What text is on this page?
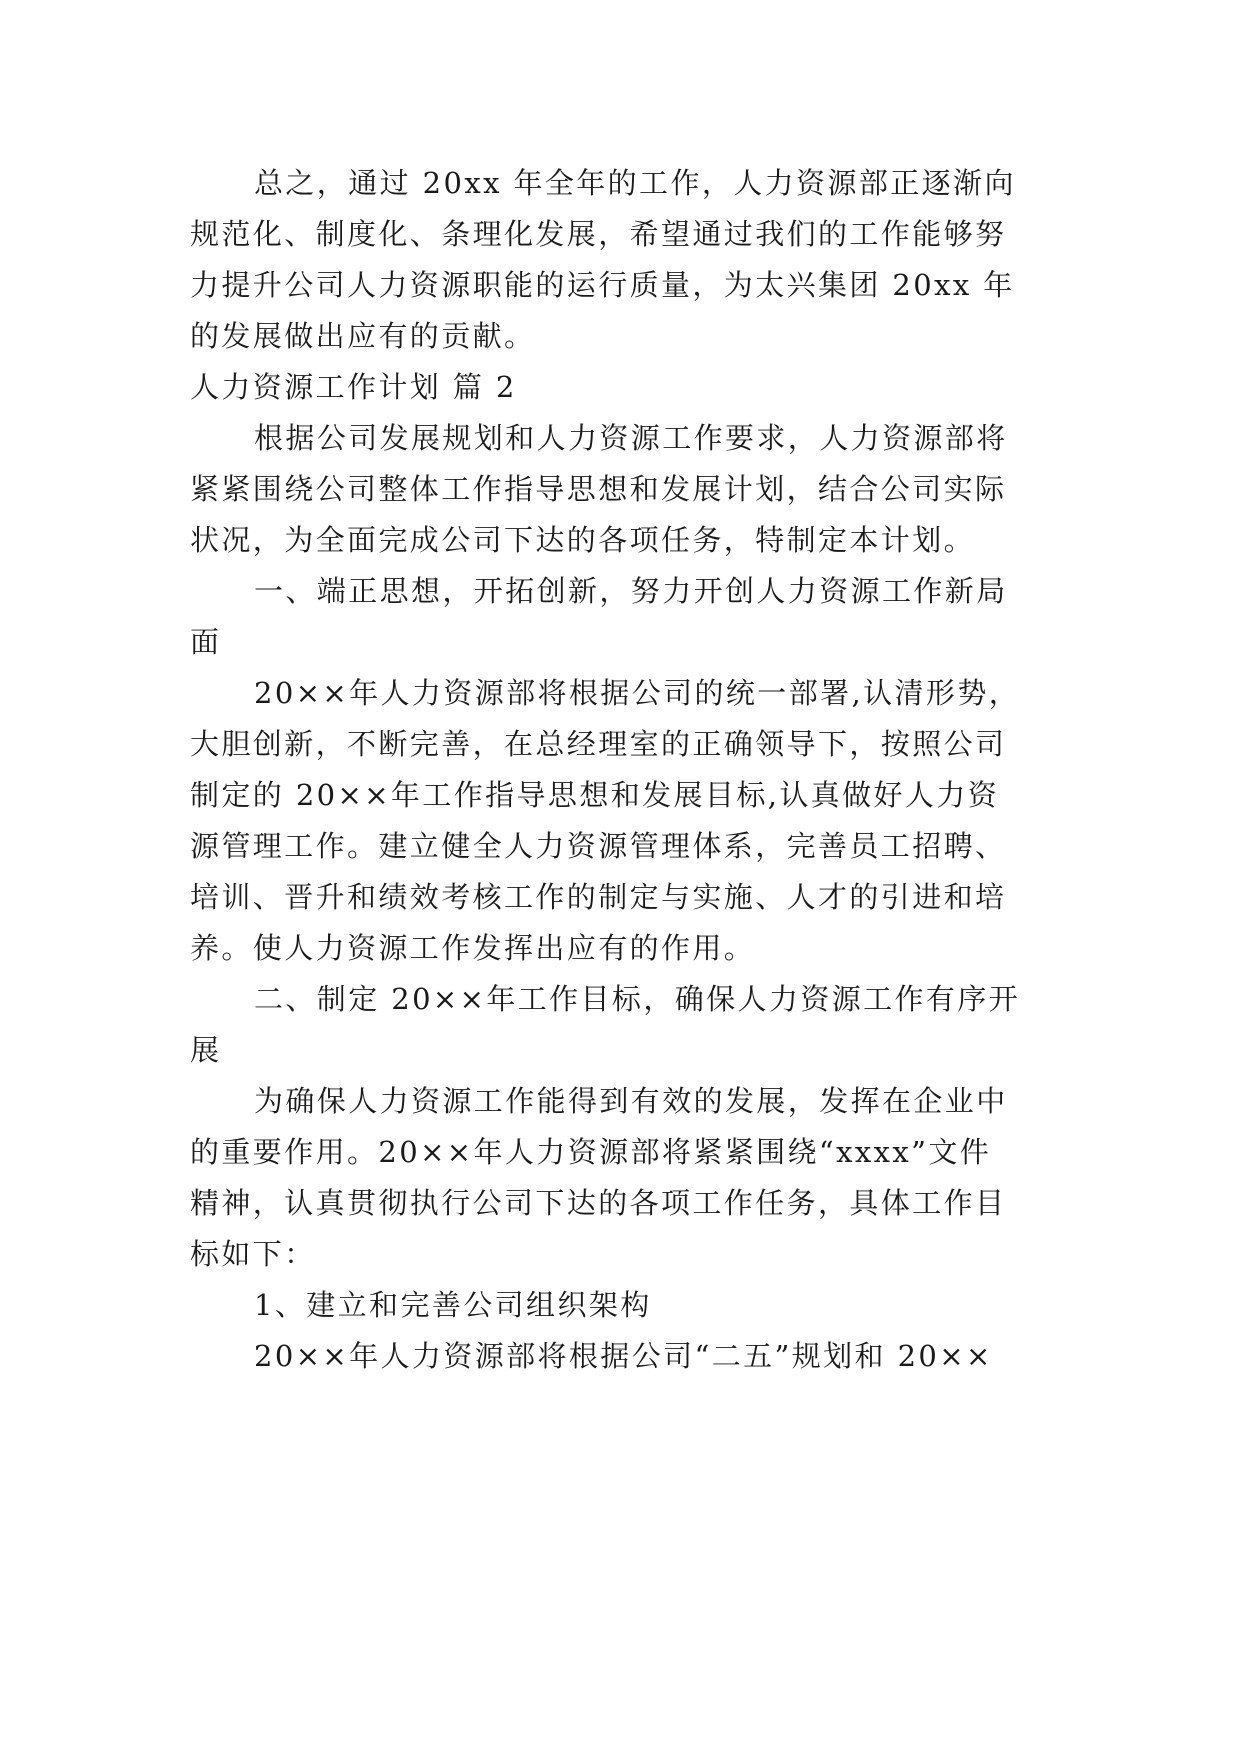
总之，通过 20xx 年全年的工作，人力资源部正逐渐向
规范化、制度化、条理化发展，希望通过我们的工作能够努
力提升公司人力资源职能的运行质量，为太兴集团 20xx 年
的发展做出应有的贡献。
人力资源工作计划 篇 2
根据公司发展规划和人力资源工作要求，人力资源部将
紧紧围绕公司整体工作指导思想和发展计划，结合公司实际
状况，为全面完成公司下达的各项任务，特制定本计划。
一、端正思想，开拓创新，努力开创人力资源工作新局
面
20××年人力资源部将根据公司的统一部署,认清形势，
大胆创新，不断完善，在总经理室的正确领导下，按照公司
制定的 20××年工作指导思想和发展目标,认真做好人力资
源管理工作。建立健全人力资源管理体系，完善员工招聘、
培训、晋升和绩效考核工作的制定与实施、人才的引进和培
养。使人力资源工作发挥出应有的作用。
二、制定 20××年工作目标，确保人力资源工作有序开
展
为确保人力资源工作能得到有效的发展，发挥在企业中
的重要作用。20××年人力资源部将紧紧围绕“xxxx”文件
精神，认真贯彻执行公司下达的各项工作任务，具体工作目
标如下：
1、建立和完善公司组织架构
20××年人力资源部将根据公司“二五”规划和 20××
